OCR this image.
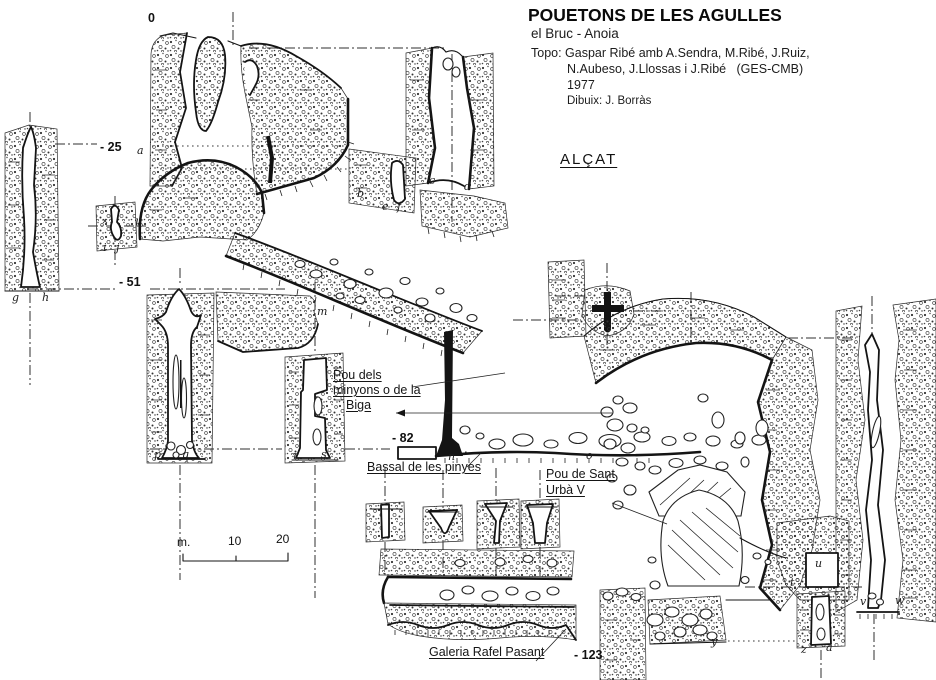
POUETONS DE LES AGULLES
el Bruc - Anoia
Topo: Gaspar Ribé amb A.Sendra, M.Ribé, J.Ruiz,
N.Aubeso, J.Llossas i J.Ribé   (GES-CMB)
1977
Dibuix: J. Borràs
ALÇAT
0
- 25
- 51
- 82
- 123
a
b
c	d
e f
g h
i j
k
m
n	o
p q	r s
t
u
v	w
y
z a
Pou dels
minyons o de la
Biga
Bassal de les pinyes	Pou de Sant
Urbà V
Galeria Rafel Pasant
m.	10	20
